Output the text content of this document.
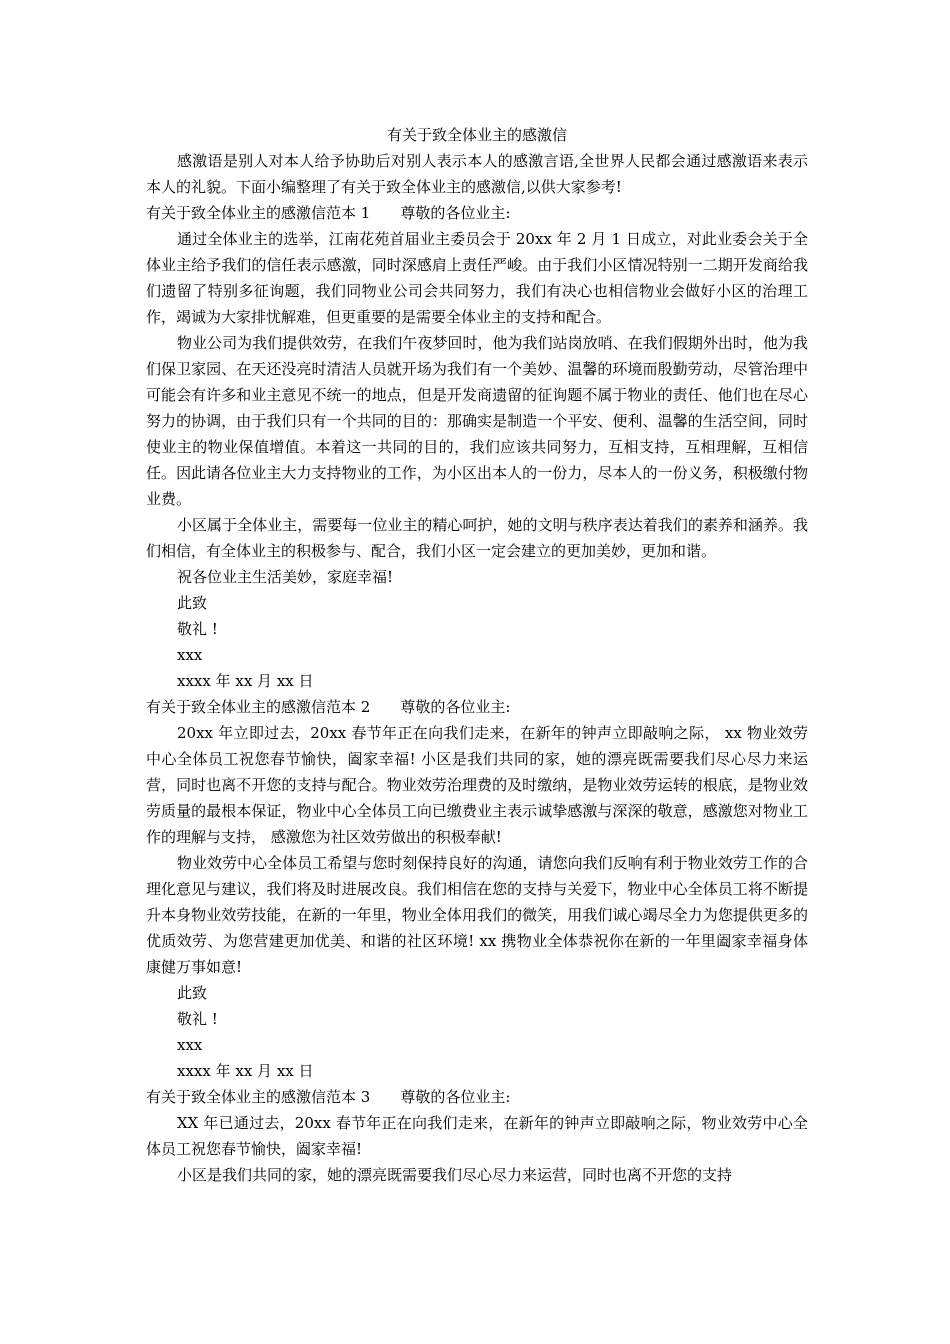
有关于致全体业主的感激信

感激语是别人对本人给予协助后对别人表示本人的感激言语,全世界人民都会通过感激语来表示本人的礼貌。下面小编整理了有关于致全体业主的感激信,以供大家参考!

有关于致全体业主的感激信范本 1 尊敬的各位业主:

通过全体业主的选举，江南花苑首届业主委员会于 20xx 年 2 月 1 日成立，对此业委会关于全体业主给予我们的信任表示感激，同时深感肩上责任严峻。由于我们小区情况特别一二期开发商给我们遗留了特别多征询题，我们同物业公司会共同努力，我们有决心也相信物业会做好小区的治理工作，竭诚为大家排忧解难，但更重要的是需要全体业主的支持和配合。

物业公司为我们提供效劳，在我们午夜梦回时，他为我们站岗放哨、在我们假期外出时，他为我们保卫家园、在天还没亮时清洁人员就开场为我们有一个美妙、温馨的环境而殷勤劳动，尽管治理中可能会有许多和业主意见不统一的地点，但是开发商遗留的征询题不属于物业的责任、他们也在尽心努力的协调，由于我们只有一个共同的目的：那确实是制造一个平安、便利、温馨的生活空间，同时使业主的物业保值增值。本着这一共同的目的，我们应该共同努力，互相支持，互相理解，互相信任。因此请各位业主大力支持物业的工作，为小区出本人的一份力，尽本人的一份义务，积极缴付物业费。

小区属于全体业主，需要每一位业主的精心呵护，她的文明与秩序表达着我们的素养和涵养。我们相信，有全体业主的积极参与、配合，我们小区一定会建立的更加美妙，更加和谐。

祝各位业主生活美妙，家庭幸福!

此致

敬礼 !

xxx

xxxx 年 xx 月 xx 日

有关于致全体业主的感激信范本 2 尊敬的各位业主:

20xx 年立即过去，20xx 春节年正在向我们走来，在新年的钟声立即敲响之际， xx 物业效劳中心全体员工祝您春节愉快，阖家幸福! 小区是我们共同的家，她的漂亮既需要我们尽心尽力来运营，同时也离不开您的支持与配合。物业效劳治理费的及时缴纳，是物业效劳运转的根底，是物业效劳质量的最根本保证，物业中心全体员工向已缴费业主表示诚挚感激与深深的敬意，感激您对物业工作的理解与支持， 感激您为社区效劳做出的积极奉献!

物业效劳中心全体员工希望与您时刻保持良好的沟通，请您向我们反响有利于物业效劳工作的合理化意见与建议，我们将及时进展改良。我们相信在您的支持与关爱下，物业中心全体员工将不断提升本身物业效劳技能，在新的一年里，物业全体用我们的微笑，用我们诚心竭尽全力为您提供更多的优质效劳、为您营建更加优美、和谐的社区环境! xx 携物业全体恭祝你在新的一年里阖家幸福身体康健万事如意!

此致

敬礼 !

xxx

xxxx 年 xx 月 xx 日

有关于致全体业主的感激信范本 3 尊敬的各位业主:

XX 年已通过去，20xx 春节年正在向我们走来，在新年的钟声立即敲响之际，物业效劳中心全体员工祝您春节愉快，阖家幸福!

小区是我们共同的家，她的漂亮既需要我们尽心尽力来运营，同时也离不开您的支持
